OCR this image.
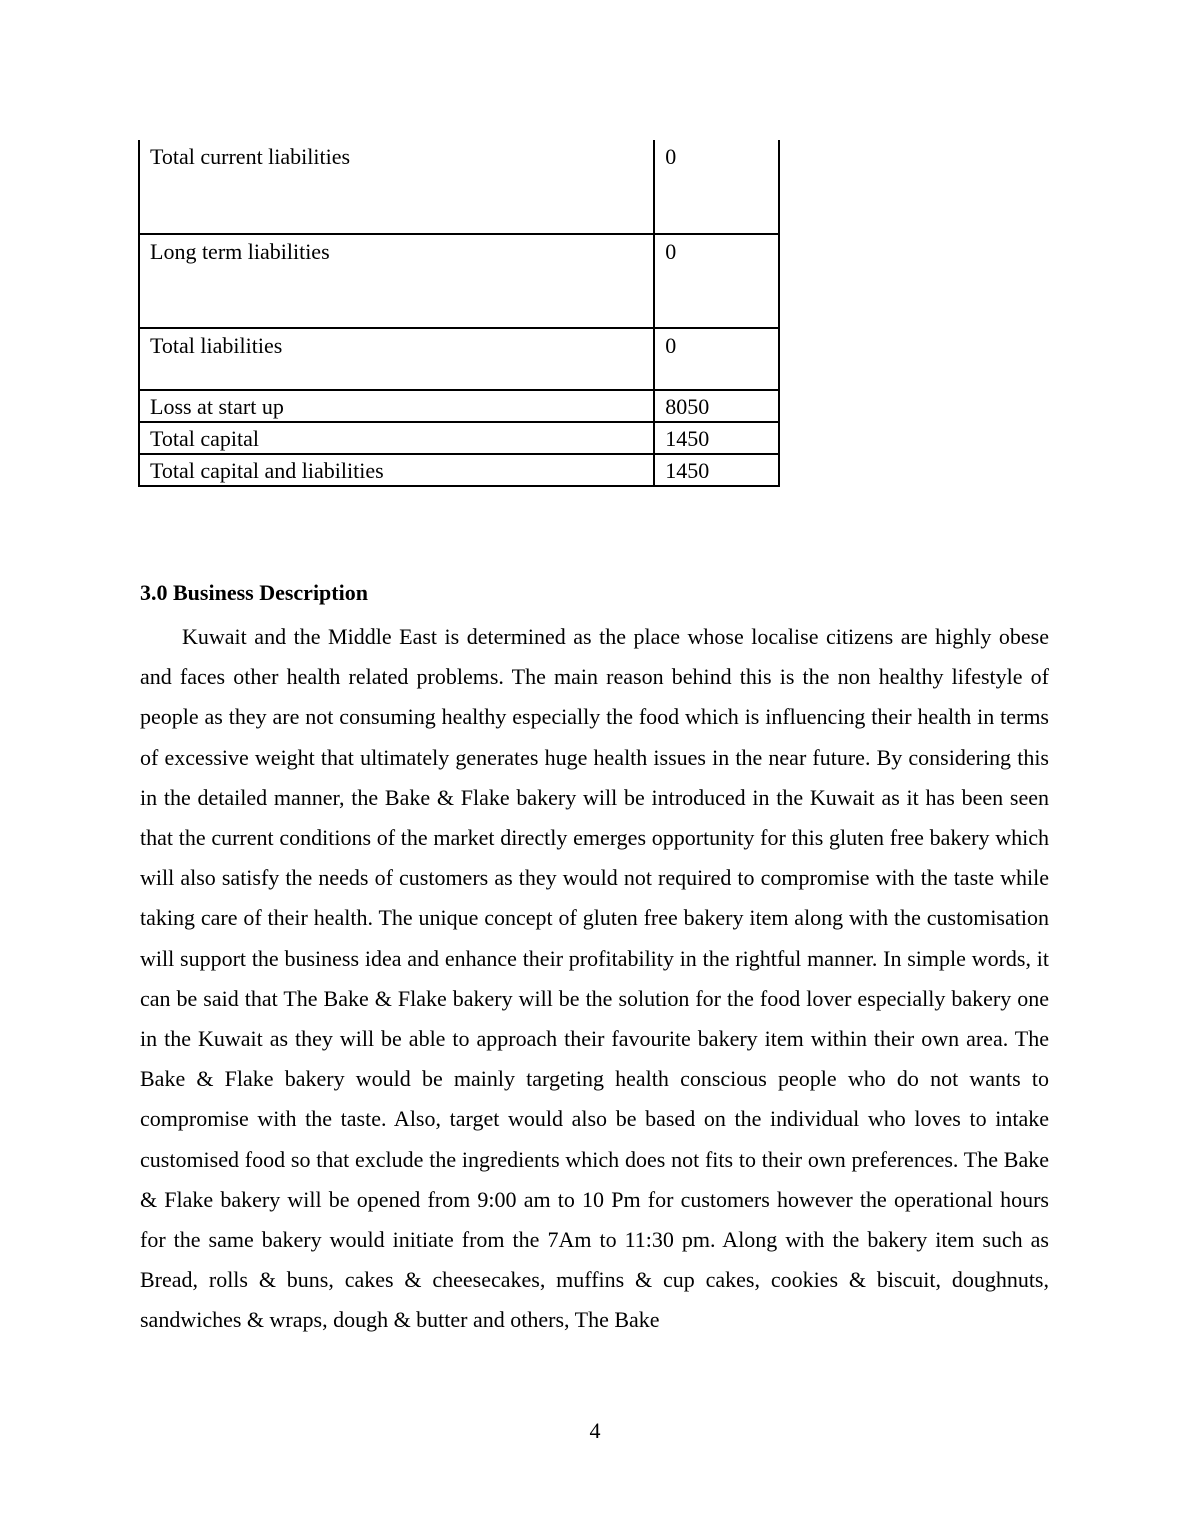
Total current liabilities	0
Long term liabilities	0
Total liabilities	0
Loss at start up	8050
Total capital	1450
Total capital and liabilities	1450
3.0 Business Description

Kuwait and the Middle East is determined as the place whose localise citizens are highly obese and faces other health related problems. The main reason behind this is the non healthy lifestyle of people as they are not consuming healthy especially the food which is influencing their health in terms of excessive weight that ultimately generates huge health issues in the near future. By considering this in the detailed manner, the Bake & Flake bakery will be introduced in the Kuwait as it has been seen that the current conditions of the market directly emerges opportunity for this gluten free bakery which will also satisfy the needs of customers as they would not required to compromise with the taste while taking care of their health. The unique concept of gluten free bakery item along with the customisation will support the business idea and enhance their profitability in the rightful manner. In simple words, it can be said that The Bake & Flake bakery will be the solution for the food lover especially bakery one in the Kuwait as they will be able to approach their favourite bakery item within their own area. The Bake & Flake bakery would be mainly targeting health conscious people who do not wants to compromise with the taste. Also, target would also be based on the individual who loves to intake customised food so that exclude the ingredients which does not fits to their own preferences. The Bake & Flake bakery will be opened from 9:00 am to 10 Pm for customers however the operational hours for the same bakery would initiate from the 7Am to 11:30 pm. Along with the bakery item such as Bread, rolls & buns, cakes & cheesecakes, muffins & cup cakes, cookies & biscuit, doughnuts, sandwiches & wraps, dough & butter and others, The Bake

4
